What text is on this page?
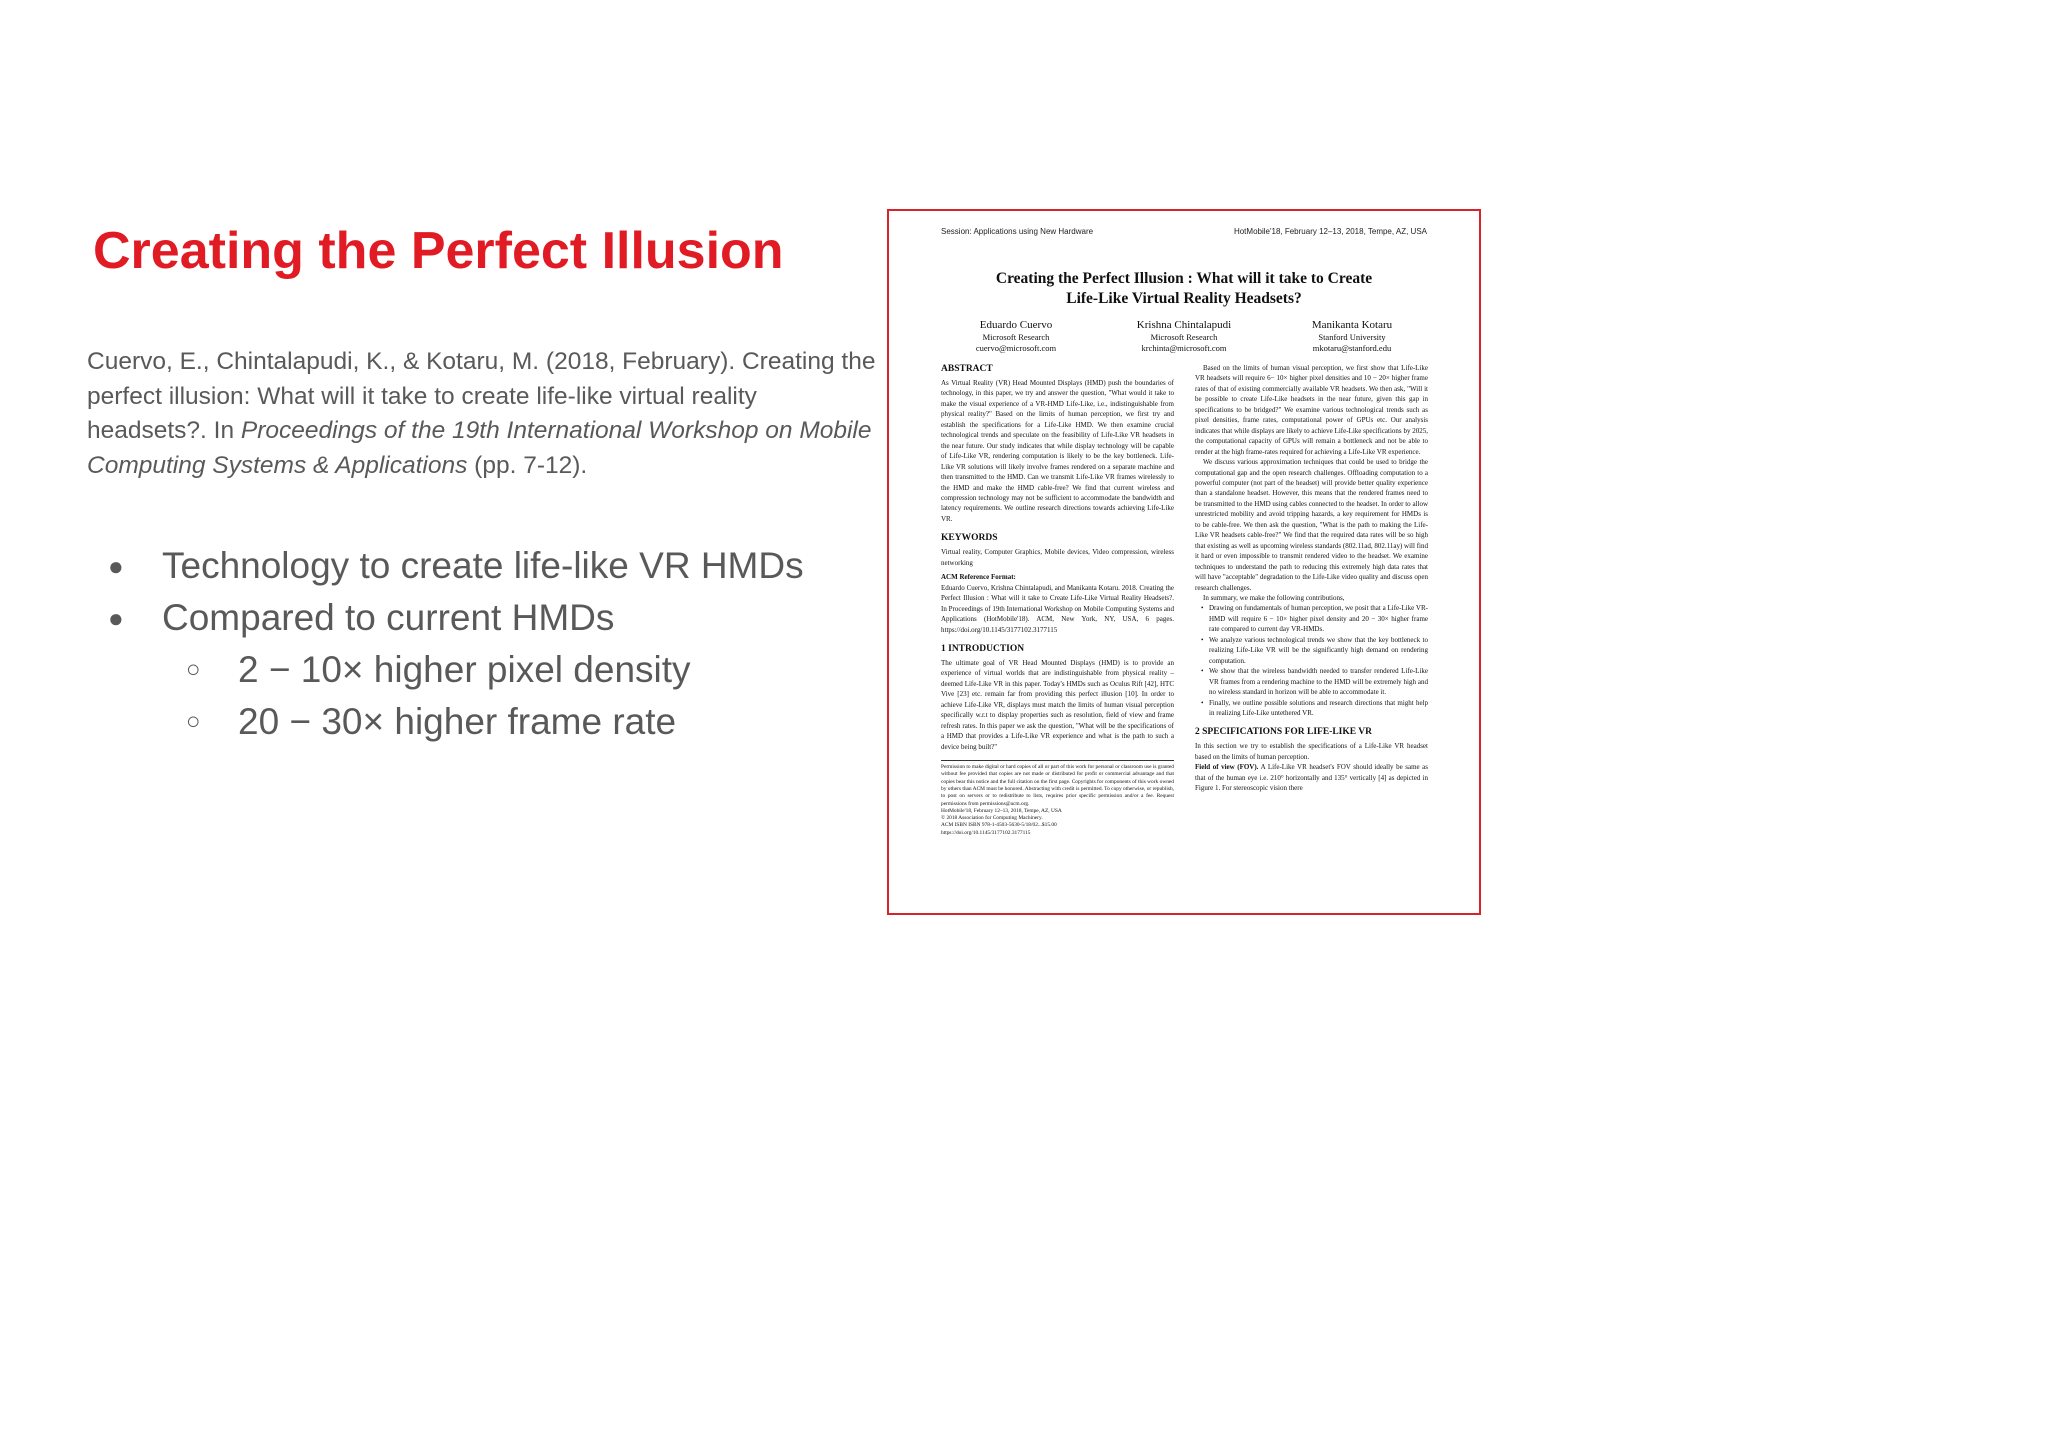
Creating the Perfect Illusion
Cuervo, E., Chintalapudi, K., & Kotaru, M. (2018, February). Creating the perfect illusion: What will it take to create life-like virtual reality headsets?. In Proceedings of the 19th International Workshop on Mobile Computing Systems & Applications (pp. 7-12).
● Technology to create life-like VR HMDs
● Compared to current HMDs
○ 2 − 10× higher pixel density
○ 20 − 30× higher frame rate
Session: Applications using New Hardware	HotMobile'18, February 12–13, 2018, Tempe, AZ, USA
Creating the Perfect Illusion : What will it take to Create
Life-Like Virtual Reality Headsets?
Eduardo Cuervo
Microsoft Research
cuervo@microsoft.com
Krishna Chintalapudi
Microsoft Research
krchinta@microsoft.com
Manikanta Kotaru
Stanford University
mkotaru@stanford.edu
ABSTRACT
As Virtual Reality (VR) Head Mounted Displays (HMD) push the boundaries of technology, in this paper, we try and answer the question, "What would it take to make the visual experience of a VR-HMD Life-Like, i.e., indistinguishable from physical reality?" Based on the limits of human perception, we first try and establish the specifications for a Life-Like HMD. We then examine crucial technological trends and speculate on the feasibility of Life-Like VR headsets in the near future. Our study indicates that while display technology will be capable of Life-Like VR, rendering computation is likely to be the key bottleneck. Life-Like VR solutions will likely involve frames rendered on a separate machine and then transmitted to the HMD. Can we transmit Life-Like VR frames wirelessly to the HMD and make the HMD cable-free? We find that current wireless and compression technology may not be sufficient to accommodate the bandwidth and latency requirements. We outline research directions towards achieving Life-Like VR.
KEYWORDS
Virtual reality, Computer Graphics, Mobile devices, Video compression, wireless networking
ACM Reference Format:
Eduardo Cuervo, Krishna Chintalapudi, and Manikanta Kotaru. 2018. Creating the Perfect Illusion : What will it take to Create Life-Like Virtual Reality Headsets?. In Proceedings of 19th International Workshop on Mobile Computing Systems and Applications (HotMobile'18). ACM, New York, NY, USA, 6 pages. https://doi.org/10.1145/3177102.3177115
1 INTRODUCTION
The ultimate goal of VR Head Mounted Displays (HMD) is to provide an experience of virtual worlds that are indistinguishable from physical reality – deemed Life-Like VR in this paper. Today's HMDs such as Oculus Rift [42], HTC Vive [23] etc. remain far from providing this perfect illusion [10]. In order to achieve Life-Like VR, displays must match the limits of human visual perception specifically w.r.t to display properties such as resolution, field of view and frame refresh rates. In this paper we ask the question, "What will be the specifications of a HMD that provides a Life-Like VR experience and what is the path to such a device being built?"
Permission to make digital or hard copies of all or part of this work for personal or classroom use is granted without fee provided that copies are not made or distributed for profit or commercial advantage and that copies bear this notice and the full citation on the first page. Copyrights for components of this work owned by others than ACM must be honored. Abstracting with credit is permitted. To copy otherwise, or republish, to post on servers or to redistribute to lists, requires prior specific permission and/or a fee. Request permissions from permissions@acm.org.
HotMobile'18, February 12–13, 2018, Tempe, AZ, USA
© 2018 Association for Computing Machinery.
ACM ISBN ISBN 978-1-4503-5630-5/18/02...$15.00
https://doi.org/10.1145/3177102.3177115
Based on the limits of human visual perception, we first show that Life-Like VR headsets will require 6− 10× higher pixel densities and 10 − 20× higher frame rates of that of existing commercially available VR headsets. We then ask, "Will it be possible to create Life-Like headsets in the near future, given this gap in specifications to be bridged?" We examine various technological trends such as pixel densities, frame rates, computational power of GPUs etc. Our analysis indicates that while displays are likely to achieve Life-Like specifications by 2025, the computational capacity of GPUs will remain a bottleneck and not be able to render at the high frame-rates required for achieving a Life-Like VR experience.
We discuss various approximation techniques that could be used to bridge the computational gap and the open research challenges. Offloading computation to a powerful computer (not part of the headset) will provide better quality experience than a standalone headset. However, this means that the rendered frames need to be transmitted to the HMD using cables connected to the headset. In order to allow unrestricted mobility and avoid tripping hazards, a key requirement for HMDs is to be cable-free. We then ask the question, "What is the path to making the Life-Like VR headsets cable-free?" We find that the required data rates will be so high that existing as well as upcoming wireless standards (802.11ad, 802.11ay) will find it hard or even impossible to transmit rendered video to the headset. We examine techniques to understand the path to reducing this extremely high data rates that will have "acceptable" degradation to the Life-Like video quality and discuss open research challenges.
In summary, we make the following contributions,
• Drawing on fundamentals of human perception, we posit that a Life-Like VR-HMD will require 6 − 10× higher pixel density and 20 − 30× higher frame rate compared to current day VR-HMDs.
• We analyze various technological trends we show that the key bottleneck to realizing Life-Like VR will be the significantly high demand on rendering computation.
• We show that the wireless bandwidth needed to transfer rendered Life-Like VR frames from a rendering machine to the HMD will be extremely high and no wireless standard in horizon will be able to accommodate it.
• Finally, we outline possible solutions and research directions that might help in realizing Life-Like untethered VR.
2 SPECIFICATIONS FOR LIFE-LIKE VR
In this section we try to establish the specifications of a Life-Like VR headset based on the limits of human perception.
Field of view (FOV). A Life-Like VR headset's FOV should ideally be same as that of the human eye i.e. 210° horizontally and 135° vertically [4] as depicted in Figure 1. For stereoscopic vision there
